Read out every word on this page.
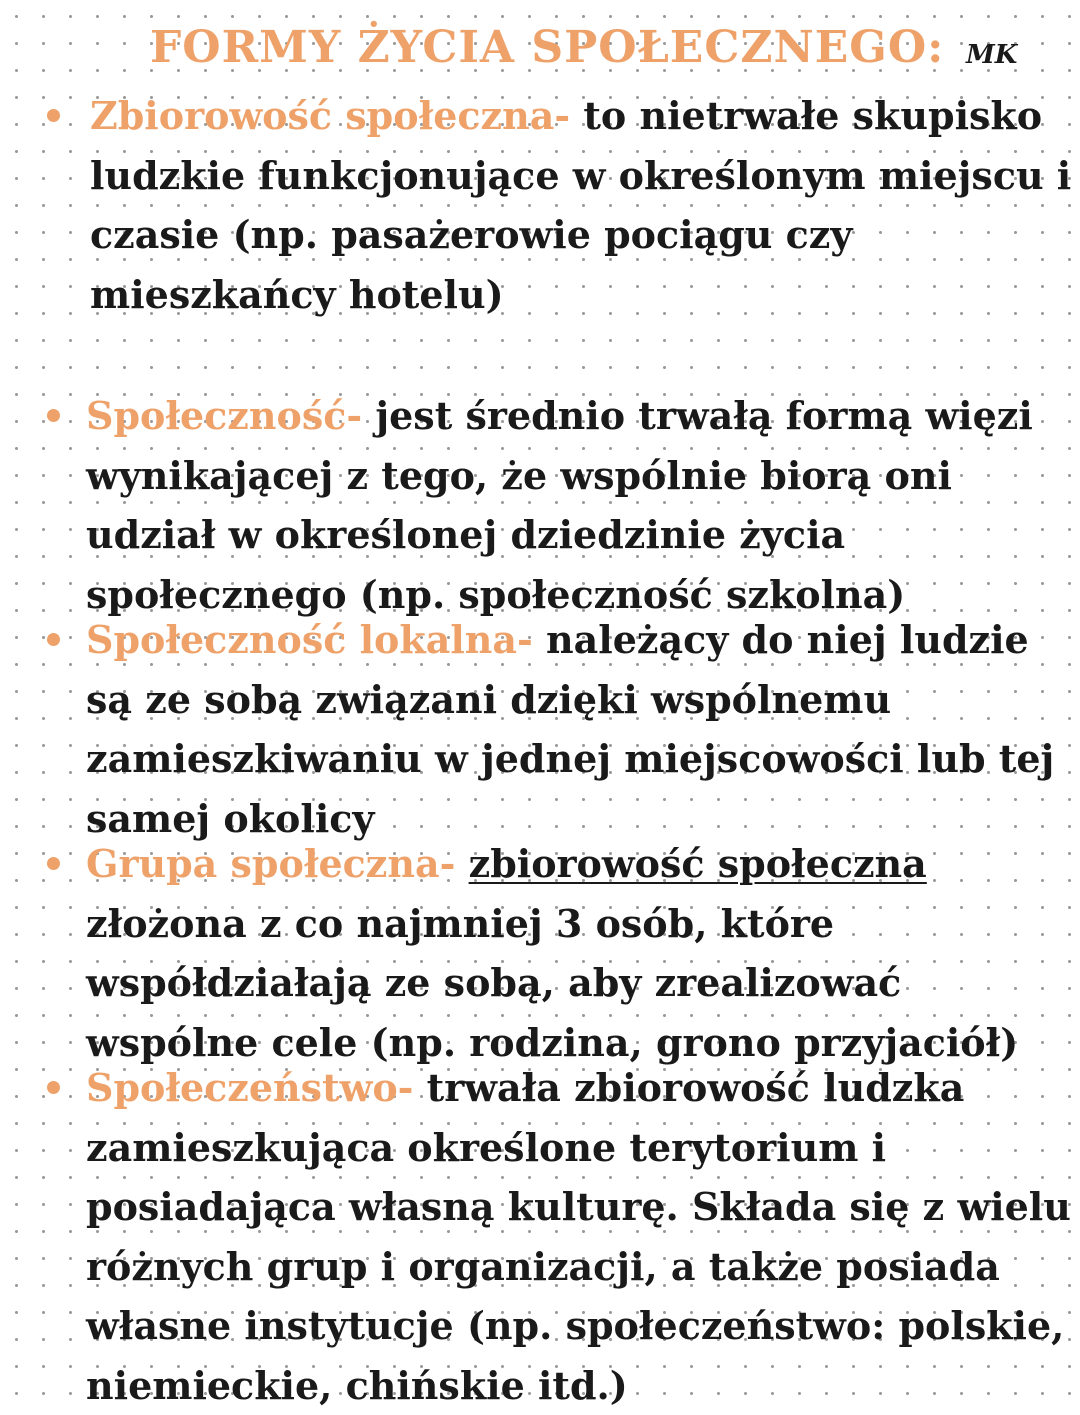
FORMY ŻYCIA SPOŁECZNEGO: MK
Zbiorowość społeczna- to nietrwałe skupisko ludzkie funkcjonujące w określonym miejscu i czasie (np. pasażerowie pociągu czy mieszkańcy hotelu)
Społeczność- jest średnio trwałą formą więzi wynikającej z tego, że wspólnie biorą oni udział w określonej dziedzinie życia społecznego (np. społeczność szkolna)
Społeczność lokalna- należący do niej ludzie są ze sobą związani dzięki wspólnemu zamieszkiwaniu w jednej miejscowości lub tej samej okolicy
Grupa społeczna- zbiorowość społeczna złożona z co najmniej 3 osób, które współdziałają ze sobą, aby zrealizować wspólne cele (np. rodzina, grono przyjaciół)
Społeczeństwo- trwała zbiorowość ludzka zamieszkująca określone terytorium i posiadająca własną kulturę. Składa się z wielu różnych grup i organizacji, a także posiada własne instytucje (np. społeczeństwo: polskie, niemieckie, chińskie itd.)
